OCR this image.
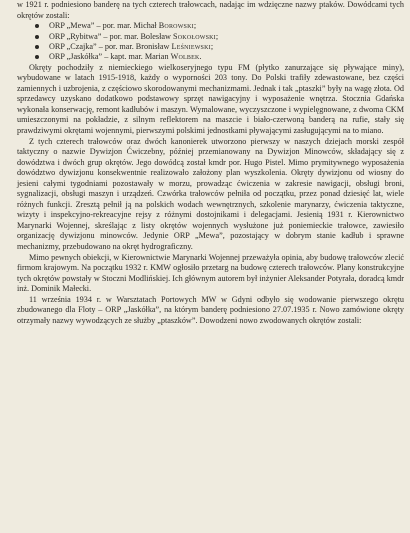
w 1921 r. podniesiono banderę na tych czterech trałowcach, nadając im wdzięczne nazwy ptaków. Dowódcami tych okrętów zostali:

ORP „Mewa” – por. mar. Michał Borowski;
ORP „Rybitwa” – por. mar. Bolesław Sokołowski;
ORP „Czajka” – por. mar. Bronisław Leśniewski;
ORP „Jaskółka” – kapt. mar. Marian Wolbek.

Okręty pochodziły z niemieckiego wielkoseryjnego typu FM (płytko zanurzające się pływające miny), wybudowane w latach 1915-1918, każdy o wyporności 203 tony. Do Polski trafiły zdewastowane, bez części zamiennych i uzbrojenia, z częściowo skorodowanymi mechanizmami. Jednak i tak „ptaszki” były na wagę złota. Od sprzedawcy uzyskano dodatkowo podstawowy sprzęt nawigacyjny i wyposażenie wnętrza. Stocznia Gdańska wykonała konserwację, remont kadłubów i maszyn. Wymalowane, wyczyszczone i wypielęgnowane, z dwoma CKM umieszczonymi na pokładzie, z silnym reflektorem na maszcie i biało-czerwoną banderą na rufie, stały się prawdziwymi okrętami wojennymi, pierwszymi polskimi jednostkami pływającymi zasługującymi na to miano.

Z tych czterech trałowców oraz dwóch kanonierek utworzono pierwszy w naszych dziejach morski zespół taktyczny o nazwie Dywizjon Ćwiczebny, później przemianowany na Dywizjon Minowców, składający się z dowództwa i dwóch grup okrętów. Jego dowódcą został kmdr por. Hugo Pistel. Mimo prymitywnego wyposażenia dowództwo dywizjonu konsekwentnie realizowało założony plan wyszkolenia. Okręty dywizjonu od wiosny do jesieni całymi tygodniami pozostawały w morzu, prowadząc ćwiczenia w zakresie nawigacji, obsługi broni, sygnalizacji, obsługi maszyn i urządzeń. Czwórka trałowców pełniła od początku, przez ponad dziesięć lat, wiele różnych funkcji. Zresztą pełnił ją na polskich wodach wewnętrznych, szkolenie marynarzy, ćwiczenia taktyczne, wizyty i inspekcyjno-rekreacyjne rejsy z różnymi dostojnikami i delegacjami. Jesienią 1931 r. Kierownictwo Marynarki Wojennej, skreślając z listy okrętów wojennych wysłużone już poniemieckie trałowce, zawiesiło organizację dywizjonu minowców. Jedynie ORP „Mewa”, pozostający w dobrym stanie kadłub i sprawne mechanizmy, przebudowano na okręt hydrograficzny.

Mimo pewnych obiekcji, w Kierownictwie Marynarki Wojennej przeważyła opinia, aby budowę trałowców zlecić firmom krajowym. Na początku 1932 r. KMW ogłosiło przetarg na budowę czterech trałowców. Plany konstrukcyjne tych okrętów powstały w Stoczni Modlińskiej. Ich głównym autorem był inżynier Aleksander Potyrała, doradcą kmdr inż. Dominik Małecki.

11 września 1934 r. w Warsztatach Portowych MW w Gdyni odbyło się wodowanie pierwszego okrętu zbudowanego dla Floty – ORP „Jaskółka”, na którym banderę podniesiono 27.07.1935 r. Nowo zamówione okręty otrzymały nazwy wywodzących ze służby „ptaszków”. Dowodzeni nowo zwodowanych okrętów zostali:
